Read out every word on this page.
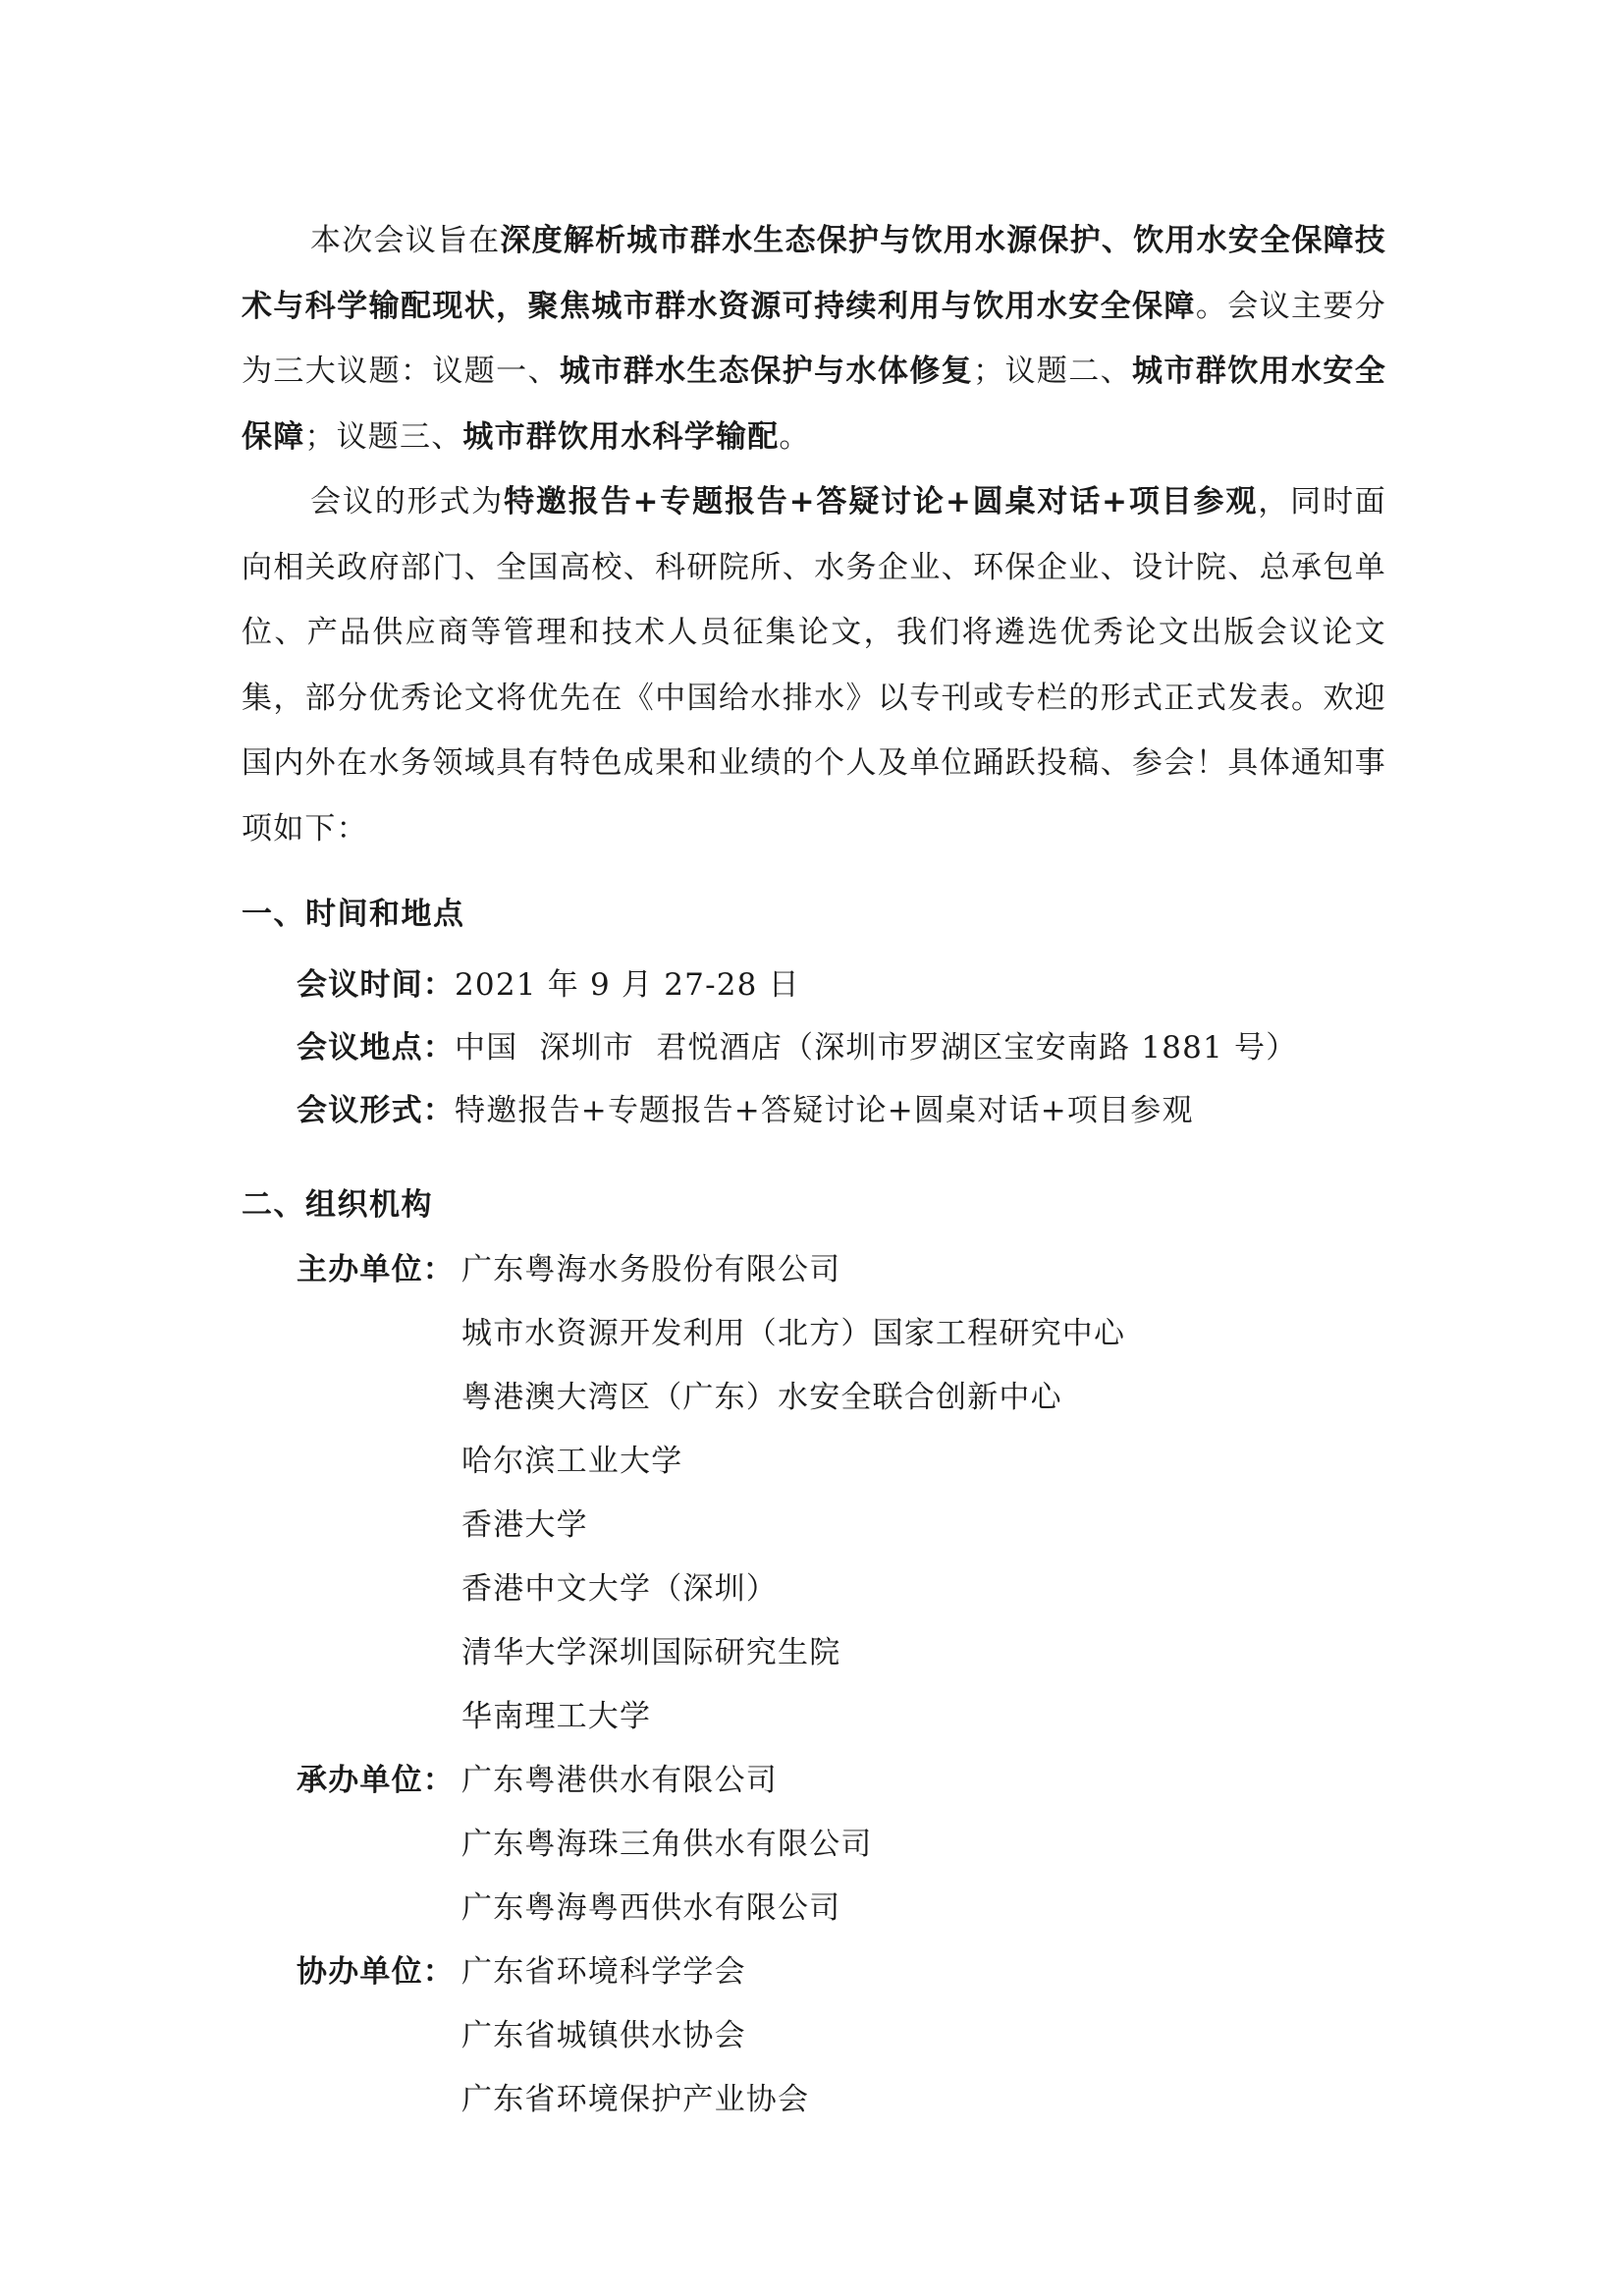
本次会议旨在深度解析城市群水生态保护与饮用水源保护、饮用水安全保障技术与科学输配现状，聚焦城市群水资源可持续利用与饮用水安全保障。会议主要分为三大议题：议题一、城市群水生态保护与水体修复；议题二、城市群饮用水安全保障；议题三、城市群饮用水科学输配。

会议的形式为特邀报告+专题报告+答疑讨论+圆桌对话+项目参观，同时面向相关政府部门、全国高校、科研院所、水务企业、环保企业、设计院、总承包单位、产品供应商等管理和技术人员征集论文，我们将遴选优秀论文出版会议论文集，部分优秀论文将优先在《中国给水排水》以专刊或专栏的形式正式发表。欢迎国内外在水务领域具有特色成果和业绩的个人及单位踊跃投稿、参会！具体通知事项如下：

一、时间和地点
会议时间：2021 年 9 月 27-28 日
会议地点：中国  深圳市  君悦酒店（深圳市罗湖区宝安南路 1881 号）
会议形式：特邀报告+专题报告+答疑讨论+圆桌对话+项目参观
二、组织机构
主办单位： 广东粤海水务股份有限公司
城市水资源开发利用（北方）国家工程研究中心
粤港澳大湾区（广东）水安全联合创新中心
哈尔滨工业大学
香港大学
香港中文大学（深圳）
清华大学深圳国际研究生院
华南理工大学
承办单位： 广东粤港供水有限公司
广东粤海珠三角供水有限公司
广东粤海粤西供水有限公司
协办单位： 广东省环境科学学会
广东省城镇供水协会
广东省环境保护产业协会
